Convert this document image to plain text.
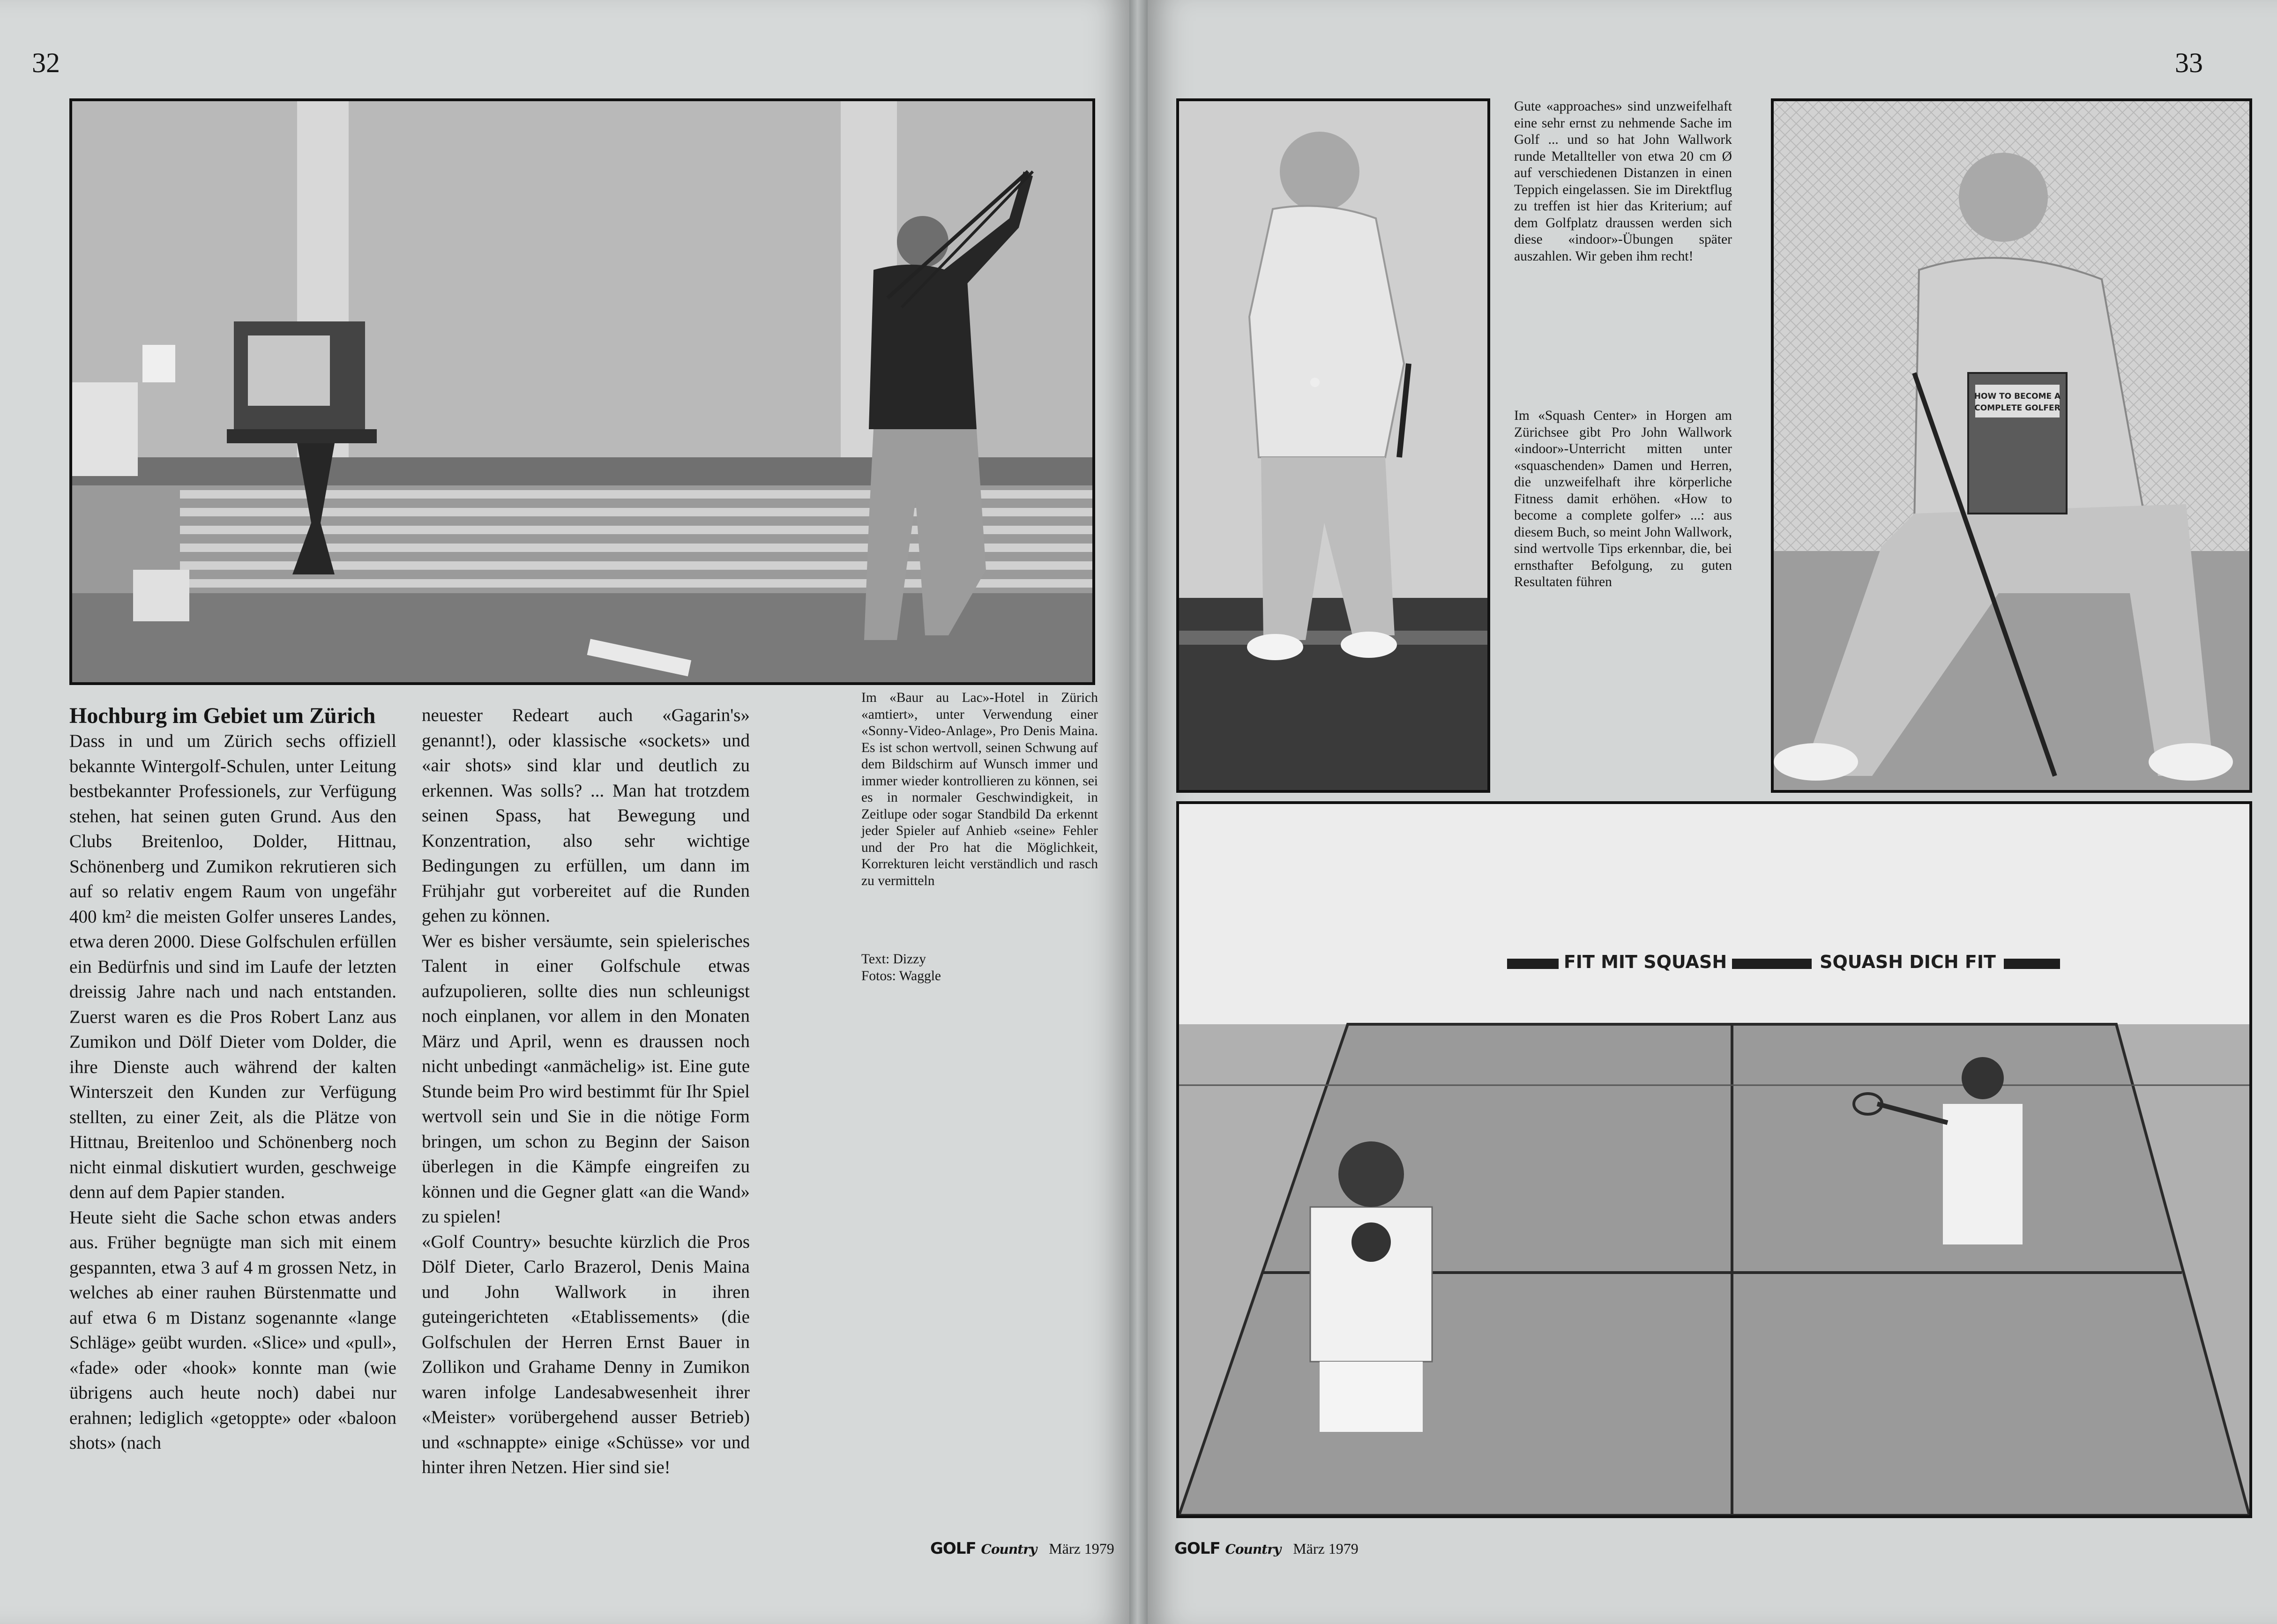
32

Hochburg im Gebiet um Zürich

Dass in und um Zürich sechs offiziell bekannte Wintergolf-Schulen, unter Leitung bestbekannter Professionels, zur Verfügung stehen, hat seinen guten Grund. Aus den Clubs Breitenloo, Dolder, Hittnau, Schönenberg und Zumikon rekrutieren sich auf so relativ engem Raum von ungefähr 400 km² die meisten Golfer unseres Landes, etwa deren 2000. Diese Golfschulen erfüllen ein Bedürfnis und sind im Laufe der letzten dreissig Jahre nach und nach entstanden. Zuerst waren es die Pros Robert Lanz aus Zumikon und Dölf Dieter vom Dolder, die ihre Dienste auch während der kalten Winterszeit den Kunden zur Verfügung stellten, zu einer Zeit, als die Plätze von Hittnau, Breitenloo und Schönenberg noch nicht einmal diskutiert wurden, geschweige denn auf dem Papier standen.

Heute sieht die Sache schon etwas anders aus. Früher begnügte man sich mit einem gespannten, etwa 3 auf 4 m grossen Netz, in welches ab einer rauhen Bürstenmatte und auf etwa 6 m Distanz sogenannte «lange Schläge» geübt wurden. «Slice» und «pull», «fade» oder «hook» konnte man (wie übrigens auch heute noch) dabei nur erahnen; lediglich «getoppte» oder «baloon shots» (nach

neuester Redeart auch «Gagarin's» genannt!), oder klassische «sockets» und «air shots» sind klar und deutlich zu erkennen. Was solls? ... Man hat trotzdem seinen Spass, hat Bewegung und Konzentration, also sehr wichtige Bedingungen zu erfüllen, um dann im Frühjahr gut vorbereitet auf die Runden gehen zu können.

Wer es bisher versäumte, sein spielerisches Talent in einer Golfschule etwas aufzupolieren, sollte dies nun schleunigst noch einplanen, vor allem in den Monaten März und April, wenn es draussen noch nicht unbedingt «anmächelig» ist. Eine gute Stunde beim Pro wird bestimmt für Ihr Spiel wertvoll sein und Sie in die nötige Form bringen, um schon zu Beginn der Saison überlegen in die Kämpfe eingreifen zu können und die Gegner glatt «an die Wand» zu spielen!

«Golf Country» besuchte kürzlich die Pros Dölf Dieter, Carlo Brazerol, Denis Maina und John Wallwork in ihren guteingerichteten «Etablissements» (die Golfschulen der Herren Ernst Bauer in Zollikon und Grahame Denny in Zumikon waren infolge Landesabwesenheit ihrer «Meister» vorübergehend ausser Betrieb) und «schnappte» einige «Schüsse» vor und hinter ihren Netzen. Hier sind sie!

Im «Baur au Lac»-Hotel in Zürich «amtiert», unter Verwendung einer «Sonny-Video-Anlage», Pro Denis Maina. Es ist schon wertvoll, seinen Schwung auf dem Bildschirm auf Wunsch immer und immer wieder kontrollieren zu können, sei es in normaler Geschwindigkeit, in Zeitlupe oder sogar Standbild Da erkennt jeder Spieler auf Anhieb «seine» Fehler und der Pro hat die Möglichkeit, Korrekturen leicht verständlich und rasch zu vermitteln

Text: Dizzy
Fotos: Waggle
GOLF Country März 1979
33

Gute «approaches» sind unzweifelhaft eine sehr ernst zu nehmende Sache im Golf ... und so hat John Wallwork runde Metallteller von etwa 20 cm Ø auf verschiedenen Distanzen in einen Teppich eingelassen. Sie im Direktflug zu treffen ist hier das Kriterium; auf dem Golfplatz draussen werden sich diese «indoor»-Übungen später auszahlen. Wir geben ihm recht!

Im «Squash Center» in Horgen am Zürichsee gibt Pro John Wallwork «indoor»-Unterricht mitten unter «squaschenden» Damen und Herren, die unzweifelhaft ihre körperliche Fitness damit erhöhen. «How to become a complete golfer» ...: aus diesem Buch, so meint John Wallwork, sind wertvolle Tips erkennbar, die, bei ernsthafter Befolgung, zu guten Resultaten führen

HOW TO BECOME A
COMPLETE GOLFER
FIT MIT SQUASH	SQUASH DICH FIT
GOLF Country März 1979
